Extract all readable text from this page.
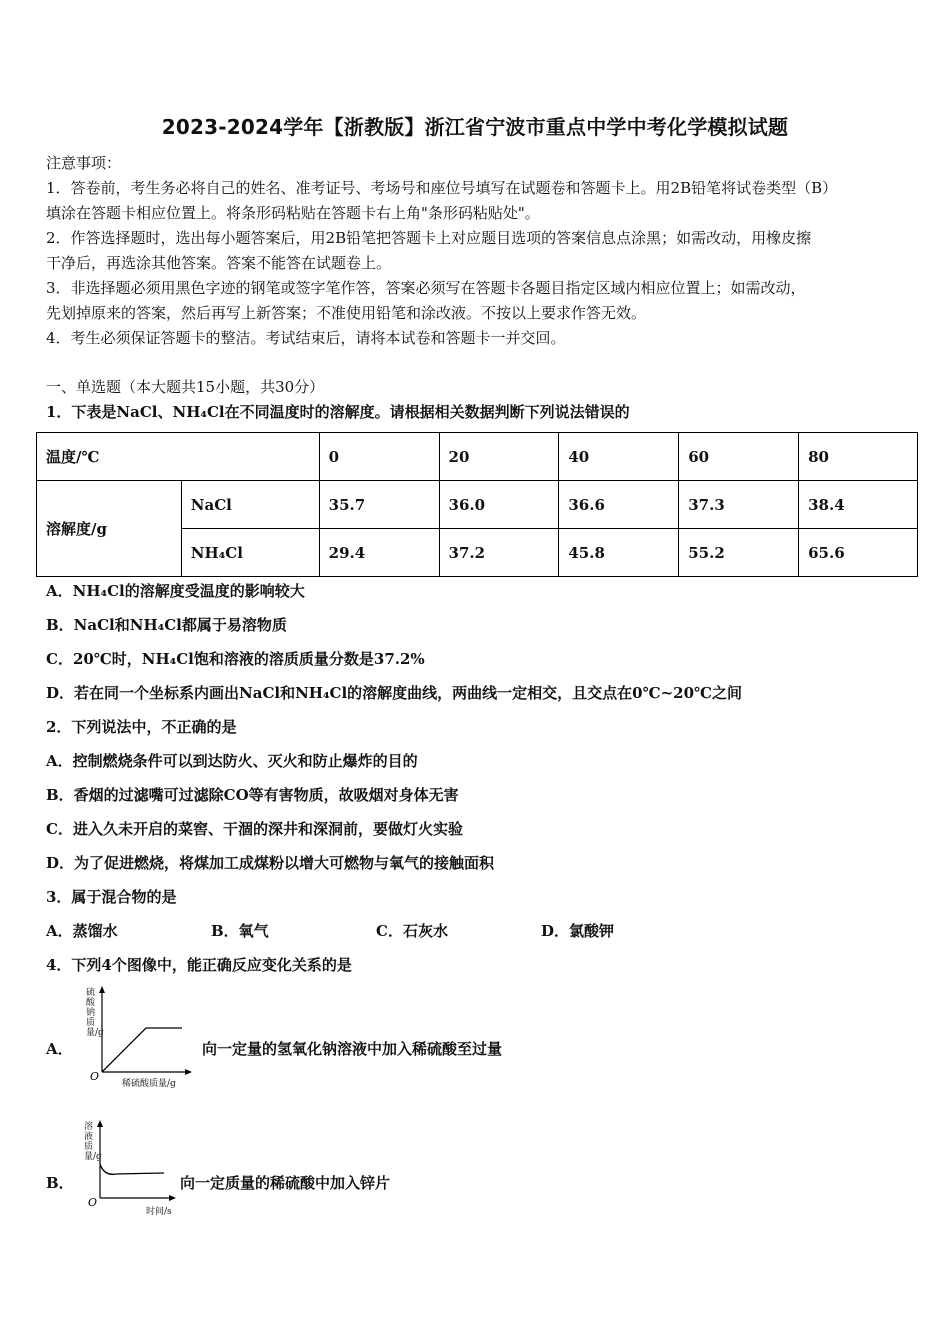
2023-2024学年【浙教版】浙江省宁波市重点中学中考化学模拟试题
注意事项：
1．答卷前，考生务必将自己的姓名、准考证号、考场号和座位号填写在试题卷和答题卡上。用2B铅笔将试卷类型（B）
填涂在答题卡相应位置上。将条形码粘贴在答题卡右上角"条形码粘贴处"。
2．作答选择题时，选出每小题答案后，用2B铅笔把答题卡上对应题目选项的答案信息点涂黑；如需改动，用橡皮擦
干净后，再选涂其他答案。答案不能答在试题卷上。
3．非选择题必须用黑色字迹的钢笔或签字笔作答，答案必须写在答题卡各题目指定区域内相应位置上；如需改动，
先划掉原来的答案，然后再写上新答案；不准使用铅笔和涂改液。不按以上要求作答无效。
4．考生必须保证答题卡的整洁。考试结束后，请将本试卷和答题卡一并交回。
一、单选题（本大题共15小题，共30分）
1．下表是NaCl、NH₄Cl在不同温度时的溶解度。请根据相关数据判断下列说法错误的
温度/℃		0	20	40	60	80
溶解度/g	NaCl	35.7	36.0	36.6	37.3	38.4
	NH₄Cl	29.4	37.2	45.8	55.2	65.6
A．NH₄Cl的溶解度受温度的影响较大
B．NaCl和NH₄Cl都属于易溶物质
C．20℃时，NH₄Cl饱和溶液的溶质质量分数是37.2%
D．若在同一个坐标系内画出NaCl和NH₄Cl的溶解度曲线，两曲线一定相交，且交点在0℃~20℃之间
2．下列说法中，不正确的是
A．控制燃烧条件可以到达防火、灭火和防止爆炸的目的
B．香烟的过滤嘴可过滤除CO等有害物质，故吸烟对身体无害
C．进入久未开启的菜窖、干涸的深井和深洞前，要做灯火实验
D．为了促进燃烧，将煤加工成煤粉以增大可燃物与氧气的接触面积
3．属于混合物的是
A．蒸馏水	B．氧气	C．石灰水	D．氯酸钾
4．下列4个图像中，能正确反应变化关系的是
A．
O
硫酸钠质量/g
稀硫酸质量/g
向一定量的氢氧化钠溶液中加入稀硫酸至过量
B．
O
溶液质量/g
时间/s
向一定质量的稀硫酸中加入锌片
